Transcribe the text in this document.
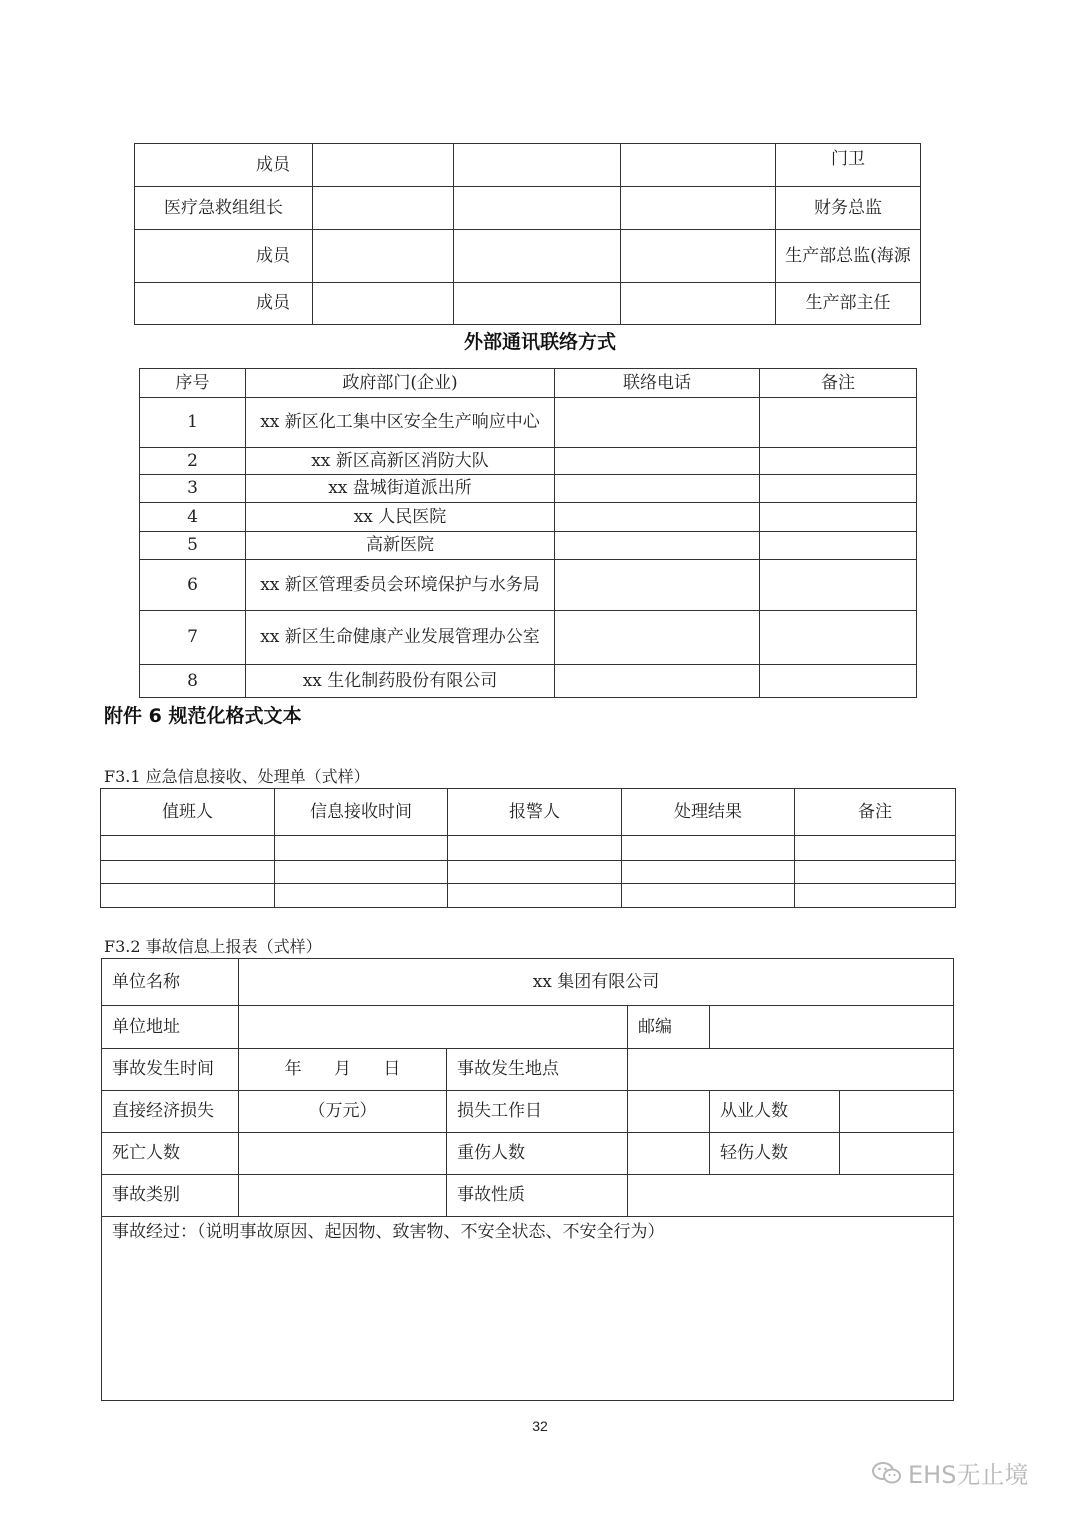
成员				门卫
医疗急救组组长				财务总监
成员				生产部总监(海源
成员				生产部主任
外部通讯联络方式
序号	政府部门(企业)	联络电话	备注
1	xx 新区化工集中区安全生产响应中心		
2	xx 新区高新区消防大队		
3	xx 盘城街道派出所		
4	xx 人民医院		
5	高新医院		
6	xx 新区管理委员会环境保护与水务局		
7	xx 新区生命健康产业发展管理办公室		
8	xx 生化制药股份有限公司		
附件 6 规范化格式文本
F3.1 应急信息接收、处理单（式样）
值班人	信息接收时间	报警人	处理结果	备注

F3.2 事故信息上报表（式样）
单位名称	xx 集团有限公司				
单位地址			邮编		
事故发生时间	年      月      日	事故发生地点			
直接经济损失	（万元）	损失工作日		从业人数	
死亡人数		重伤人数		轻伤人数	
事故类别		事故性质			
事故经过：（说明事故原因、起因物、致害物、不安全状态、不安全行为）					
32
EHS无止境
